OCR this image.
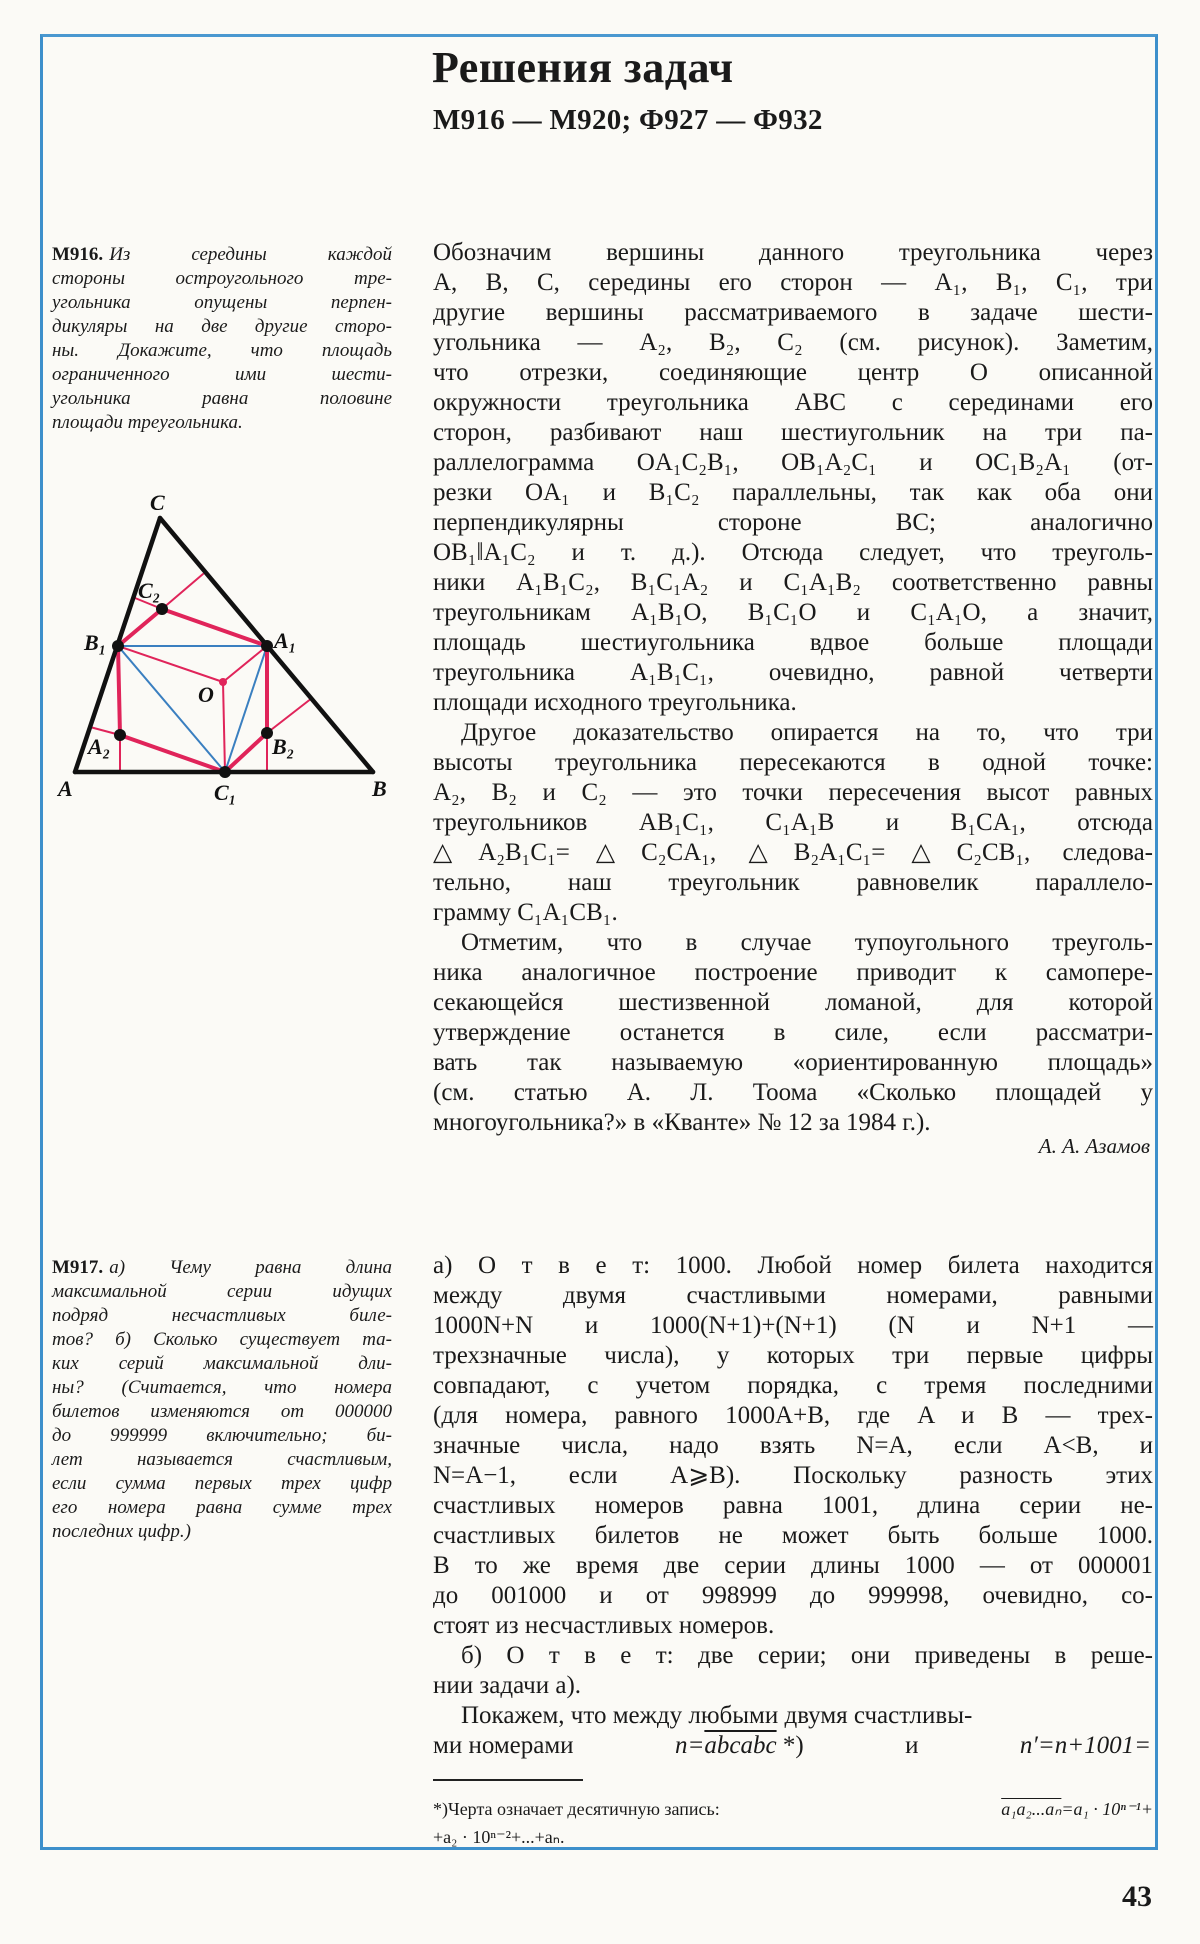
Решения задач
М916 — М920; Ф927 — Ф932
М916. Из середины каждой
стороны остроугольного тре-
угольника опущены перпен-
дикуляры на две другие сторо-
ны. Докажите, что площадь
ограниченного ими шести-
угольника равна половине
площади треугольника.
C
C₂
B₁	A₁
O
A₂	B₂
A	C₁	B
Обозначим вершины данного треугольника через
A, B, C, середины его сторон — A₁, B₁, C₁, три
другие вершины рассматриваемого в задаче шести-
угольника — A₂, B₂, C₂ (см. рисунок). Заметим,
что отрезки, соединяющие центр O описанной
окружности треугольника ABC с серединами его
сторон, разбивают наш шестиугольник на три па-
раллелограмма OA₁C₂B₁, OB₁A₂C₁ и OC₁B₂A₁ (от-
резки OA₁ и B₁C₂ параллельны, так как оба они
перпендикулярны стороне BC; аналогично
OB₁‖A₁C₂ и т. д.). Отсюда следует, что треуголь-
ники A₁B₁C₂, B₁C₁A₂ и C₁A₁B₂ соответственно равны
треугольникам A₁B₁O, B₁C₁O и C₁A₁O, а значит,
площадь шестиугольника вдвое больше площади
треугольника A₁B₁C₁, очевидно, равной четверти
площади исходного треугольника.
Другое доказательство опирается на то, что три
высоты треугольника пересекаются в одной точке:
A₂, B₂ и C₂ — это точки пересечения высот равных
треугольников AB₁C₁, C₁A₁B и B₁CA₁, отсюда
△A₂B₁C₁=△C₂CA₁, △B₂A₁C₁=△C₂CB₁, следова-
тельно, наш треугольник равновелик параллело-
грамму C₁A₁CB₁.
Отметим, что в случае тупоугольного треуголь-
ника аналогичное построение приводит к самопере-
секающейся шестизвенной ломаной, для которой
утверждение останется в силе, если рассматри-
вать так называемую «ориентированную площадь»
(см. статью А. Л. Тоома «Сколько площадей у
многоугольника?» в «Кванте» № 12 за 1984 г.).
А. А. Азамов
М917. а) Чему равна длина
максимальной серии идущих
подряд несчастливых биле-
тов? б) Сколько существует та-
ких серий максимальной дли-
ны? (Считается, что номера
билетов изменяются от 000000
до 999999 включительно; би-
лет называется счастливым,
если сумма первых трех цифр
его номера равна сумме трех
последних цифр.)
а) О т в е т: 1000. Любой номер билета находится
между двумя счастливыми номерами, равными
1000N+N и 1000(N+1)+(N+1) (N и N+1 —
трехзначные числа), у которых три первые цифры
совпадают, с учетом порядка, с тремя последними
(для номера, равного 1000A+B, где A и B — трех-
значные числа, надо взять N=A, если A<B, и
N=A−1, если A⩾B). Поскольку разность этих
счастливых номеров равна 1001, длина серии не-
счастливых билетов не может быть больше 1000.
В то же время две серии длины 1000 — от 000001
до 001000 и от 998999 до 999998, очевидно, со-
стоят из несчастливых номеров.
б) О т в е т: две серии; они приведены в реше-
нии задачи а).
Покажем, что между любыми двумя счастливы-
ми номерами	n=abcabc *)	и	n′=n+1001=
*)Черта означает десятичную запись:	a₁a₂...aₙ=a₁ · 10ⁿ⁻¹+
+a₂ · 10ⁿ⁻²+...+aₙ.
43
